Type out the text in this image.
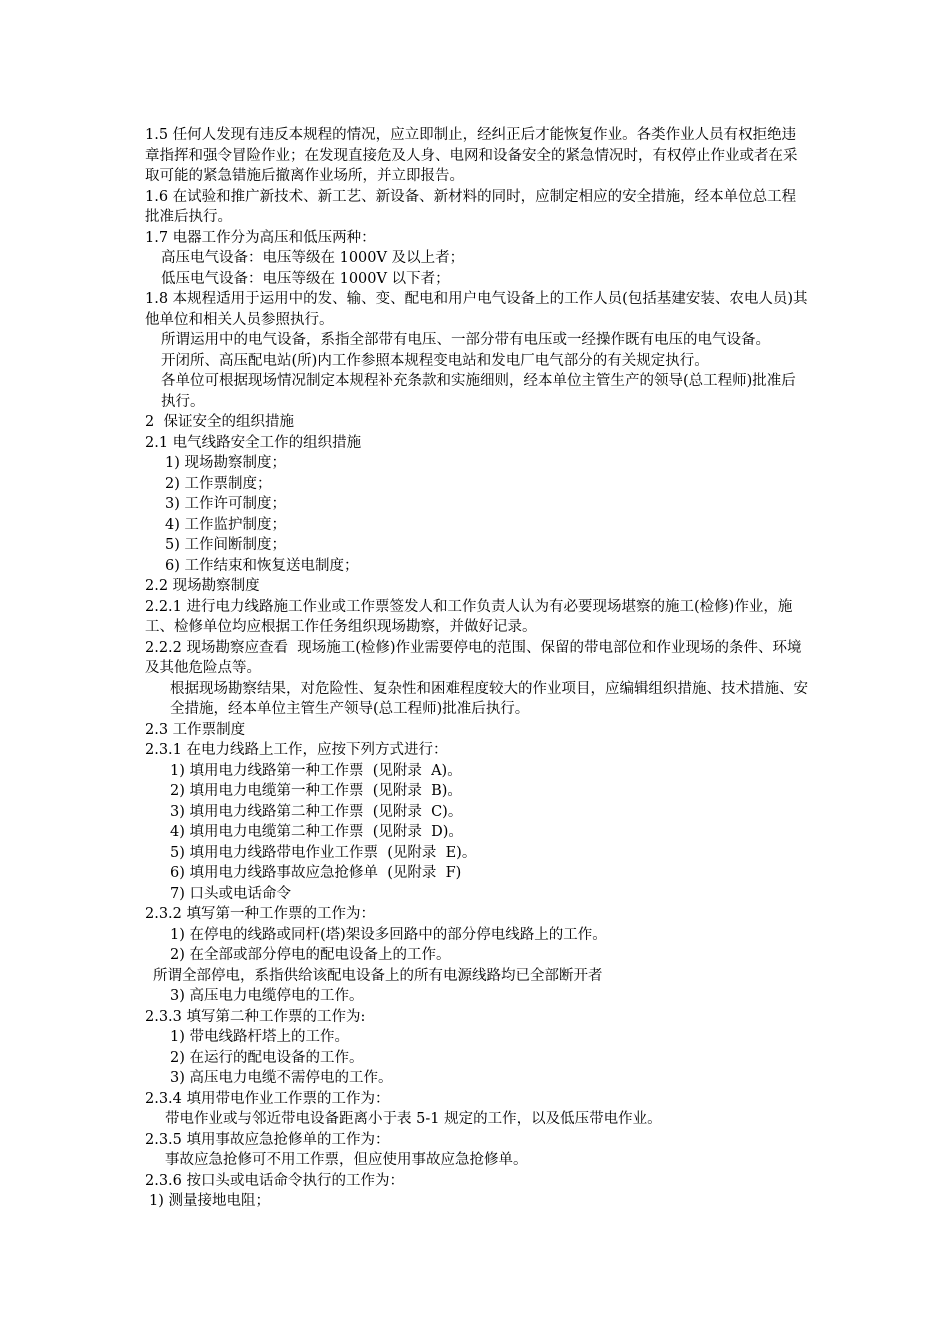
1.5 任何人发现有违反本规程的情况，应立即制止，经纠正后才能恢复作业。各类作业人员有权拒绝违章指挥和强令冒险作业；在发现直接危及人身、电网和设备安全的紧急情况时，有权停止作业或者在采取可能的紧急错施后撤离作业场所，并立即报告。

1.6 在试验和推广新技术、新工艺、新设备、新材料的同时，应制定相应的安全措施，经本单位总工程批准后执行。

1.7 电器工作分为高压和低压两种：

高压电气设备：电压等级在 1000V 及以上者；

低压电气设备：电压等级在 1000V 以下者；

1.8 本规程适用于运用中的发、输、变、配电和用户电气设备上的工作人员(包括基建安装、农电人员)其他单位和相关人员参照执行。

所谓运用中的电气设备，系指全部带有电压、一部分带有电压或一经操作既有电压的电气设备。

开闭所、高压配电站(所)内工作参照本规程变电站和发电厂电气部分的有关规定执行。

各单位可根据现场情况制定本规程补充条款和实施细则，经本单位主管生产的领导(总工程师)批准后执行。

2  保证安全的组织措施

2.1 电气线路安全工作的组织措施

1) 现场勘察制度；

2) 工作票制度；

3) 工作许可制度；

4) 工作监护制度；

5) 工作间断制度；

6) 工作结束和恢复送电制度；

2.2 现场勘察制度

2.2.1 进行电力线路施工作业或工作票签发人和工作负责人认为有必要现场堪察的施工(检修)作业，施工、检修单位均应根据工作任务组织现场勘察，并做好记录。

2.2.2 现场勘察应查看  现场施工(检修)作业需要停电的范围、保留的带电部位和作业现场的条件、环境及其他危险点等。

根据现场勘察结果，对危险性、复杂性和困难程度较大的作业项目，应编辑组织措施、技术措施、安全措施，经本单位主管生产领导(总工程师)批准后执行。

2.3 工作票制度

2.3.1 在电力线路上工作，应按下列方式进行：

1) 填用电力线路第一种工作票  (见附录  A)。

2) 填用电力电缆第一种工作票  (见附录  B)。

3) 填用电力线路第二种工作票  (见附录  C)。

4) 填用电力电缆第二种工作票  (见附录  D)。

5) 填用电力线路带电作业工作票  (见附录  E)。

6) 填用电力线路事故应急抢修单  (见附录  F)

7) 口头或电话命令

2.3.2 填写第一种工作票的工作为：

1) 在停电的线路或同杆(塔)架设多回路中的部分停电线路上的工作。

2) 在全部或部分停电的配电设备上的工作。

所谓全部停电，系指供给该配电设备上的所有电源线路均已全部断开者

3) 高压电力电缆停电的工作。

2.3.3 填写第二种工作票的工作为:

1) 带电线路杆塔上的工作。

2) 在运行的配电设备的工作。

3) 高压电力电缆不需停电的工作。

2.3.4 填用带电作业工作票的工作为：

带电作业或与邻近带电设备距离小于表 5-1 规定的工作，以及低压带电作业。

2.3.5 填用事故应急抢修单的工作为：

事故应急抢修可不用工作票，但应使用事故应急抢修单。

2.3.6 按口头或电话命令执行的工作为：

1) 测量接地电阻；
